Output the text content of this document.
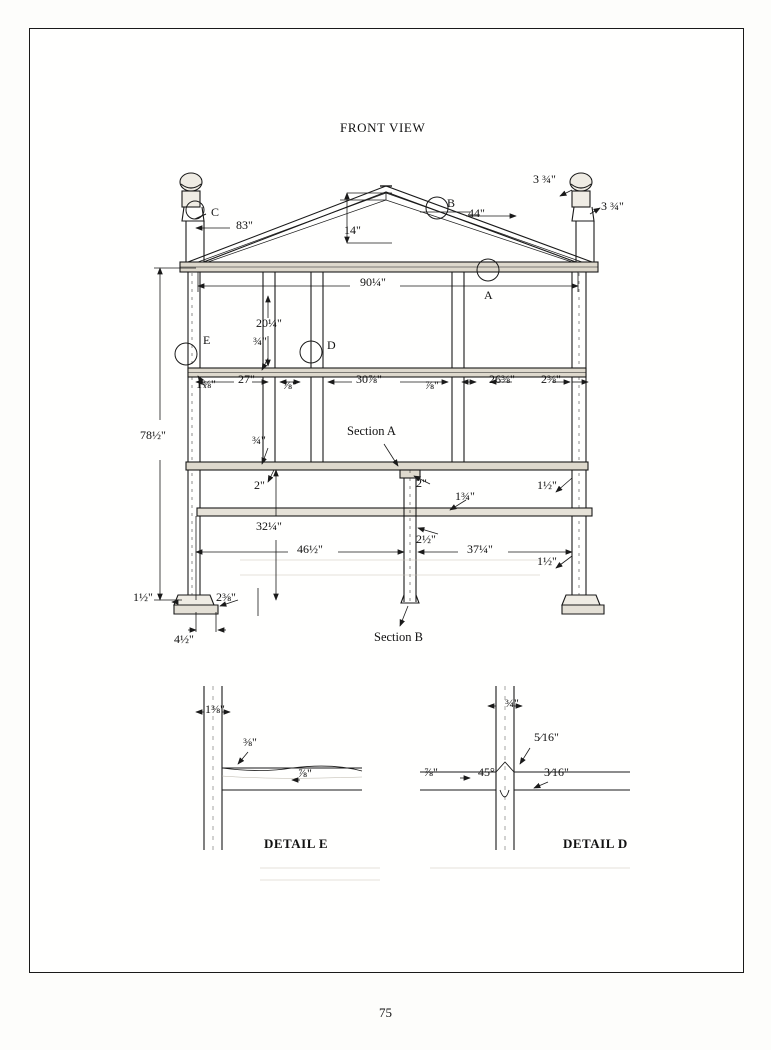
FRONT VIEW
C
B
A
D
E
3 ¾"
3 ¾"
44"
14"
83"
90¼"
20¼"
¾"
1⅜" 27" ⅞"	30⅞"	⅞"	26⅜" 2⅜"
78½"	¾"
2"	2"
1¾"
1½"
32¼"
46½"
2½"
37¼"
1½"
1½"	2⅜"
4½"
Section A
Section B
1⅜"
⅜"
⅞"
DETAIL E
¾"
5⁄16"
⅞"	45°	3⁄16"
DETAIL D
75
